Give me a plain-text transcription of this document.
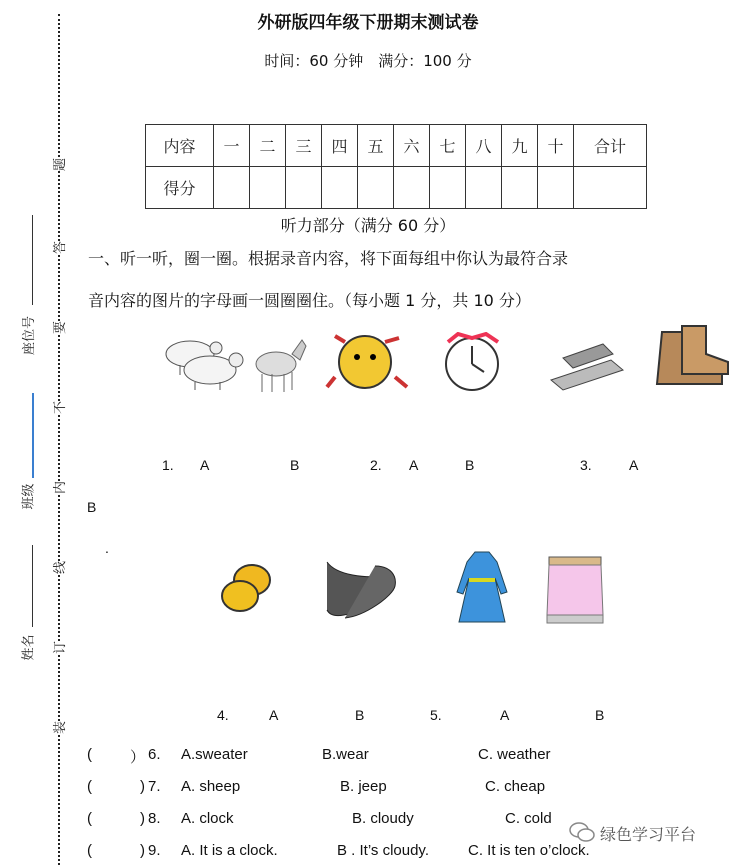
外研版四年级下册期末测试卷
时间：60 分钟　满分：100 分
座位号
班级
姓名
题
答
要
不
内
线
订
装
内容	一	二	三	四	五	六	七	八	九	十	合计
得分											
听力部分（满分 60 分）
一、听一听，圈一圈。根据录音内容，将下面每组中你认为最符合录
音内容的图片的字母画一圆圈圈住。（每小题 1 分，共 10 分）
1. A	B	2. A	B	3.	A
B
.
4.	A	B	5.	A	B
(	） 6. A.sweater	B.wear	C. weather
(	) 7. A. sheep	B. jeep	C. cheap
(	) 8. A. clock	B. cloudy	C. cold
(	) 9. A. It is a clock.	B . It’s cloudy.	C. It is ten o’clock.
绿色学习平台
